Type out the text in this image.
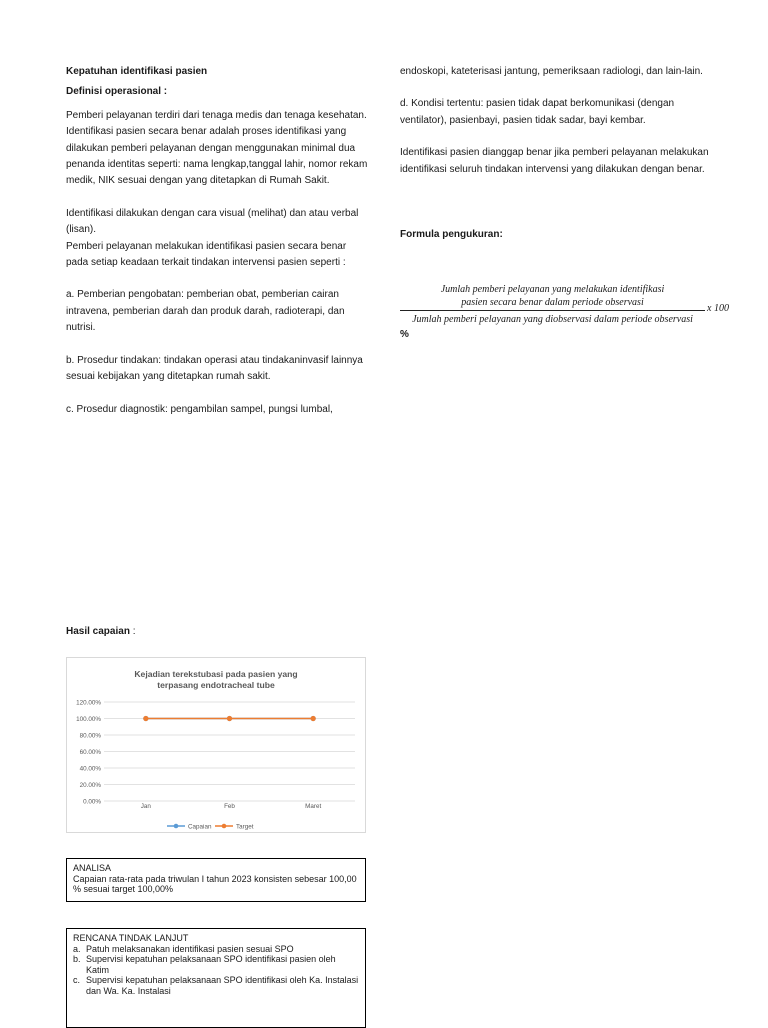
Kepatuhan identifikasi pasien

Definisi operasional :

Pemberi pelayanan terdiri dari tenaga medis dan tenaga kesehatan.

Identifikasi pasien secara benar adalah proses identifikasi yang dilakukan pemberi pelayanan dengan menggunakan minimal dua penanda identitas seperti: nama lengkap,tanggal lahir, nomor rekam medik, NIK sesuai dengan yang ditetapkan di Rumah Sakit.

Identifikasi dilakukan dengan cara visual (melihat) dan atau verbal (lisan).

Pemberi pelayanan melakukan identifikasi pasien secara benar pada setiap keadaan terkait tindakan intervensi pasien seperti :

a. Pemberian pengobatan: pemberian obat, pemberian cairan intravena, pemberian darah dan produk darah, radioterapi, dan nutrisi.

b. Prosedur tindakan: tindakan operasi atau tindakaninvasif lainnya sesuai kebijakan yang ditetapkan rumah sakit.

c. Prosedur diagnostik: pengambilan sampel, pungsi lumbal,

endoskopi, kateterisasi jantung, pemeriksaan radiologi, dan lain-lain.

d. Kondisi tertentu: pasien tidak dapat berkomunikasi (dengan ventilator), pasienbayi, pasien tidak sadar, bayi kembar.

Identifikasi pasien dianggap benar jika pemberi pelayanan melakukan identifikasi seluruh tindakan intervensi yang dilakukan dengan benar.

Formula pengukuran:

Jumlah pemberi pelayanan yang melakukan identifikasi
pasien secara benar dalam periode observasi
Jumlah pemberi pelayanan yang diobservasi dalam periode observasi
x 100
%
Hasil capaian :
Kejadian terekstubasi pada pasien yang
terpasang endotracheal tube
0.00%
20.00%
40.00%
60.00%
80.00%
100.00%
120.00%
Jan	Feb	Maret
Capaian	Target
ANALISA
Capaian rata-rata pada triwulan I tahun 2023 konsisten sebesar 100,00 % sesuai target 100,00%
RENCANA TINDAK LANJUT
a. Patuh melaksanakan identifikasi pasien sesuai SPO
b. Supervisi kepatuhan pelaksanaan SPO identifikasi pasien oleh Katim
c. Supervisi kepatuhan pelaksanaan SPO identifikasi oleh Ka. Instalasi dan Wa. Ka. Instalasi
